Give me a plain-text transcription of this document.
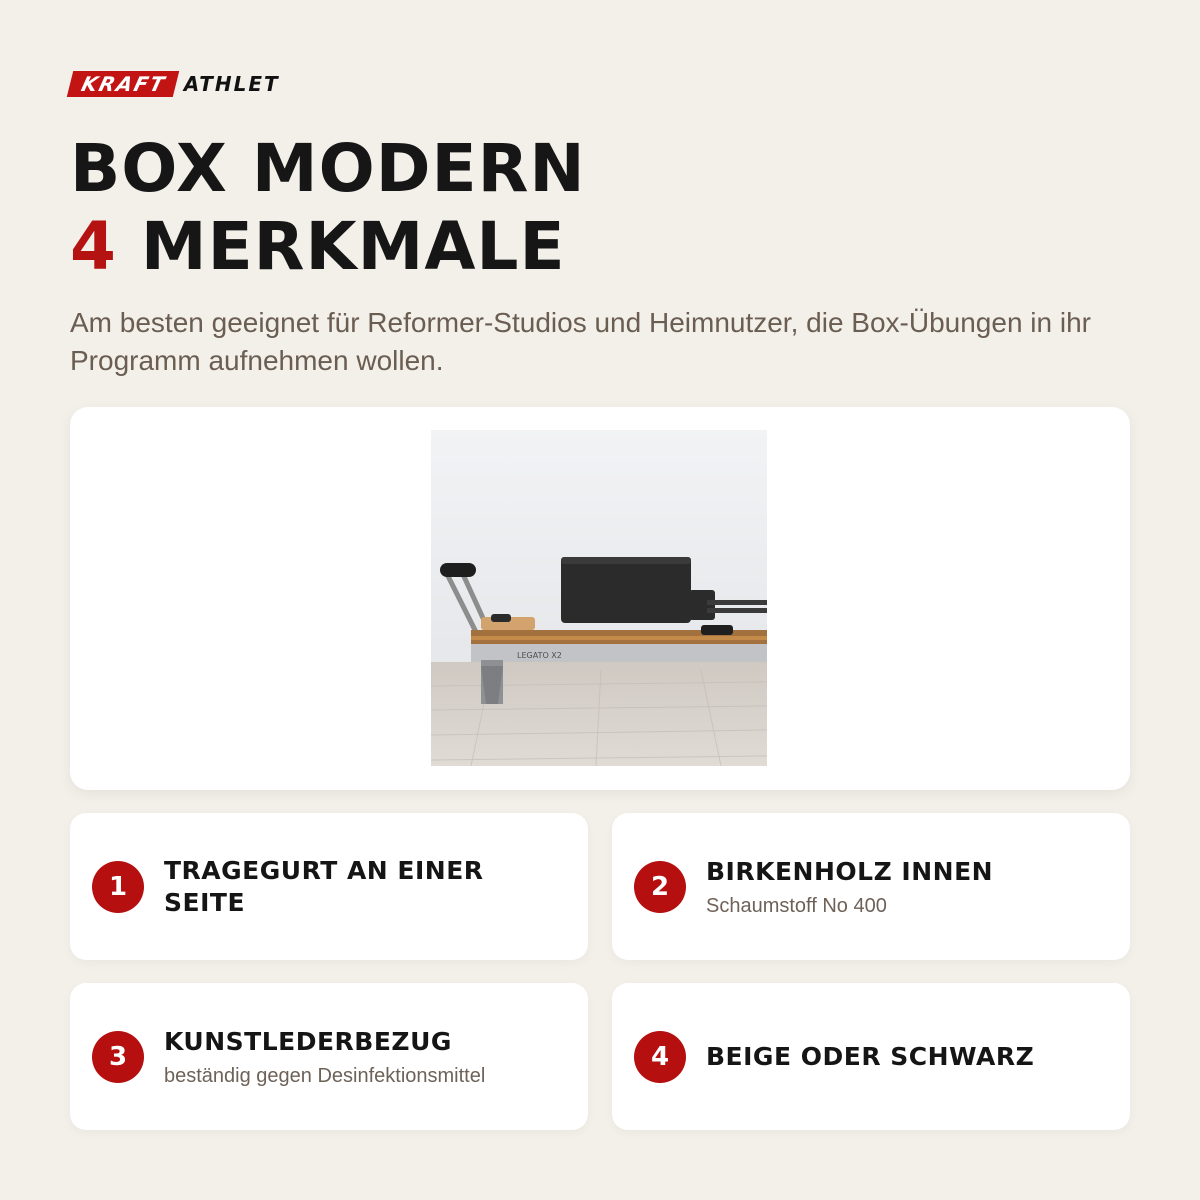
KRAFT ATHLET
BOX MODERN
4 MERKMALE
Am besten geeignet für Reformer-Studios und Heimnutzer, die Box-Übungen in ihr Programm aufnehmen wollen.
LEGATO X2
1
TRAGEGURT AN EINER SEITE
2
BIRKENHOLZ INNEN
Schaumstoff No 400
3
KUNSTLEDERBEZUG
beständig gegen Desinfektionsmittel
4	BEIGE ODER SCHWARZ
